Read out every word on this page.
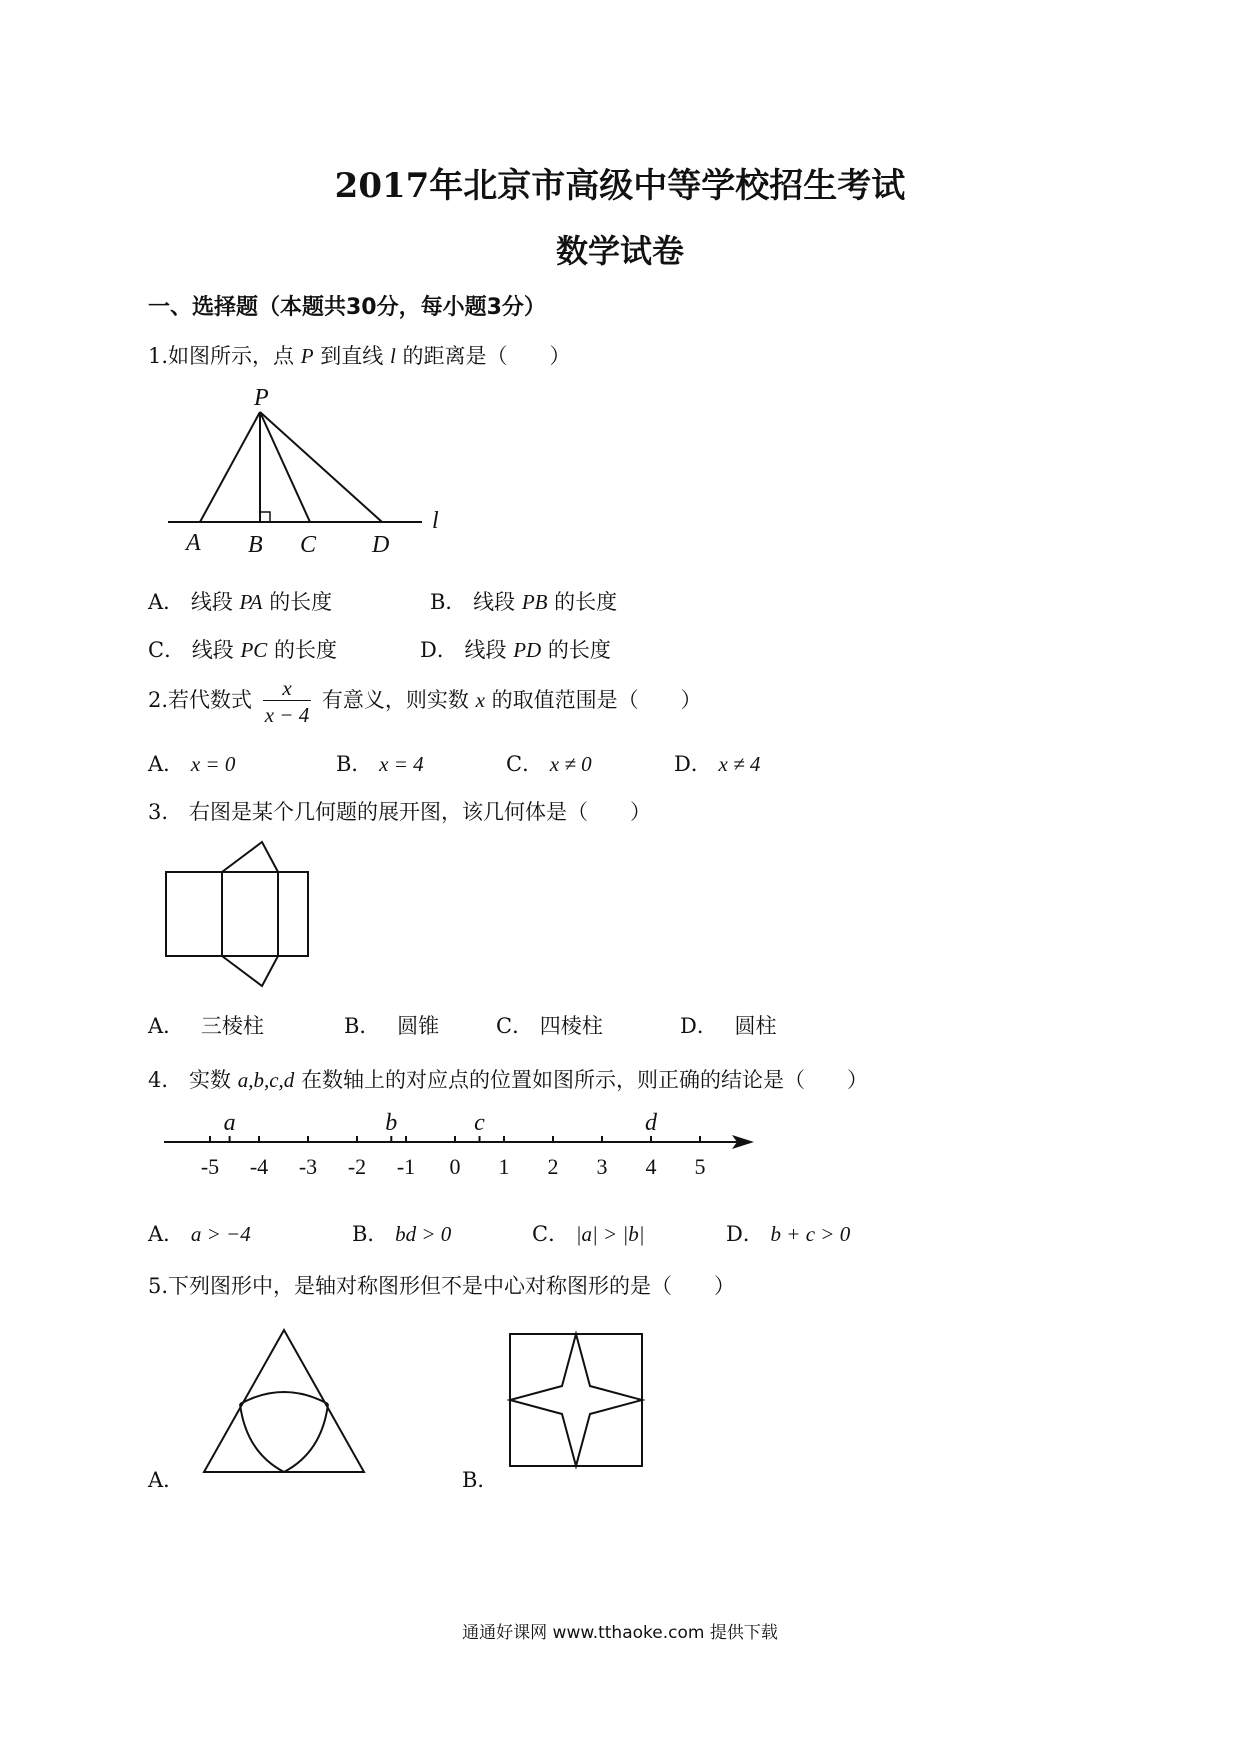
2017年北京市高级中等学校招生考试
数学试卷
一、选择题（本题共30分，每小题3分）
1.如图所示，点 P 到直线 l 的距离是（　　）
P
A B C D
l
A． 线段 PA 的长度	B． 线段 PB 的长度
C． 线段 PC 的长度	D． 线段 PD 的长度
2.若代数式 $\frac{x}{x - 4}$ 有意义，则实数 x 的取值范围是（　　）
A． x = 0	B． x = 4	C． x ≠ 0	D． x ≠ 4
3.　右图是某个几何题的展开图，该几何体是（　　）
A． 三棱柱	B． 圆锥	C． 四棱柱	D． 圆柱
4.　实数 a,b,c,d 在数轴上的对应点的位置如图所示，则正确的结论是（　　）
-5 -4 -3 -2 -1 0 1 2 3 4 5
a	b	c	d
A． a > −4	B． bd > 0	C． |a| > |b|	D． b + c > 0
5.下列图形中，是轴对称图形但不是中心对称图形的是（　　）
A．	B．
通通好课网 www.tthaoke.com 提供下载
